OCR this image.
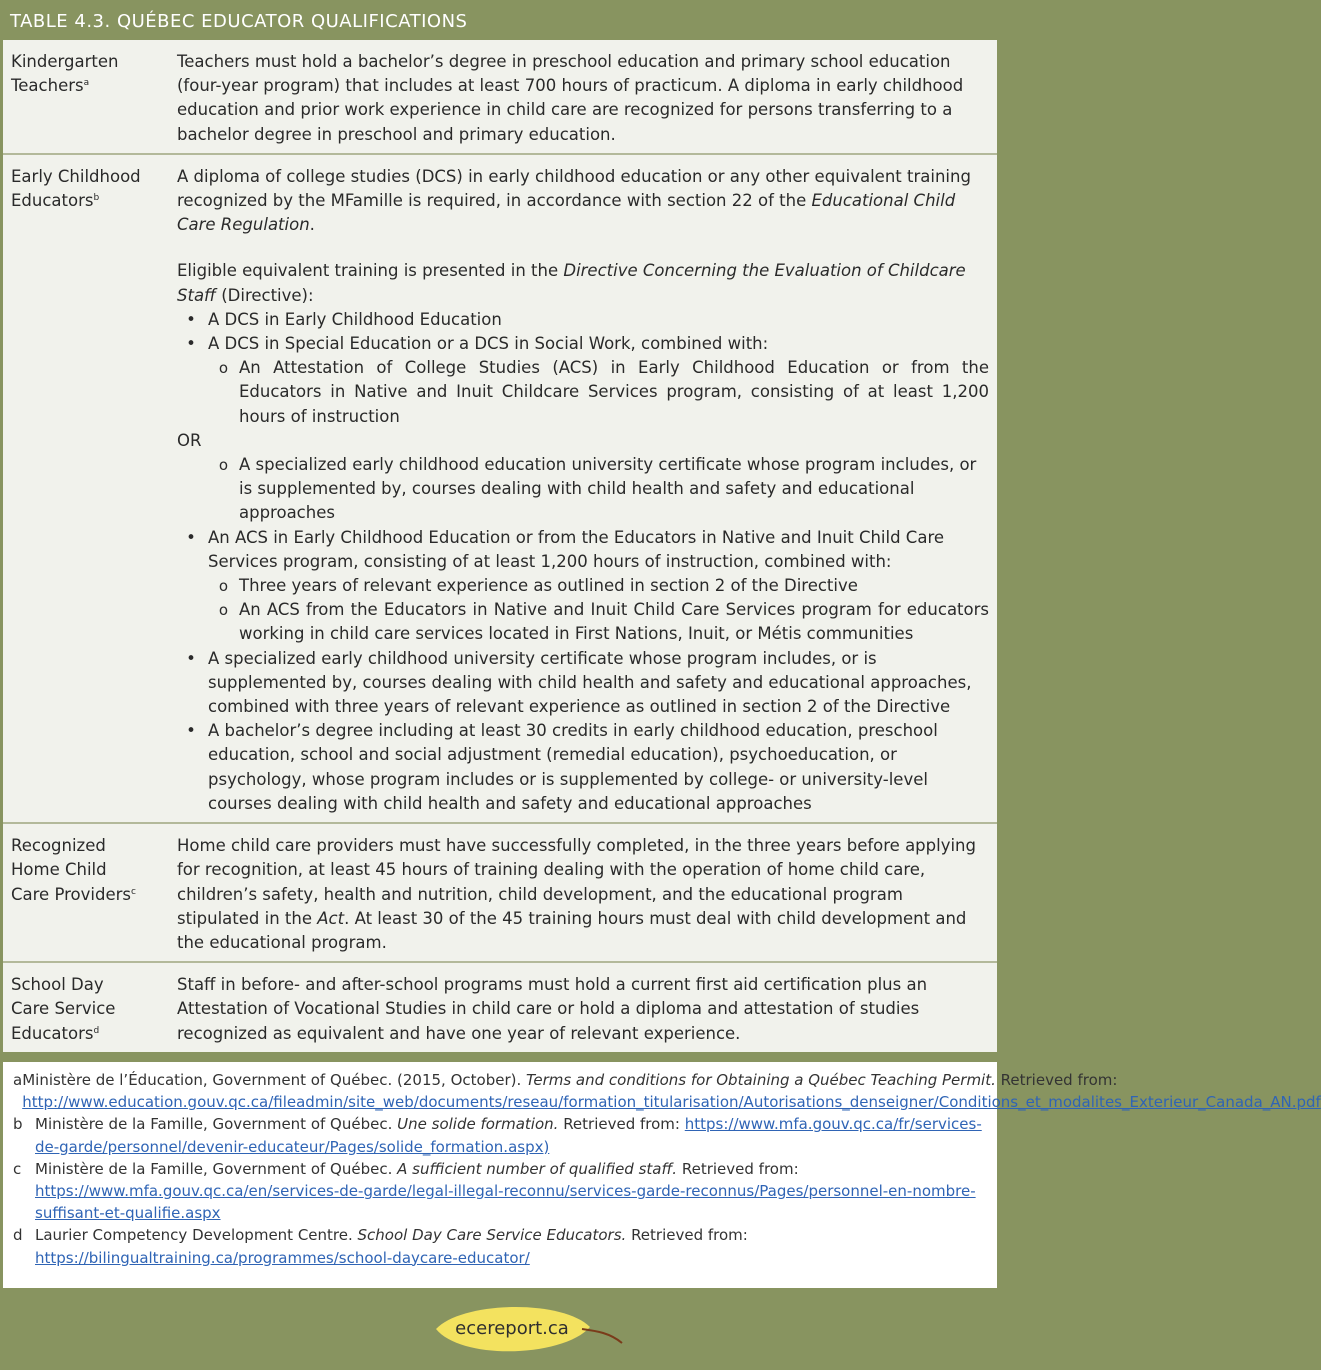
TABLE 4.3. QUÉBEC EDUCATOR QUALIFICATIONS
Kindergarten
Teachers$^a$
Teachers must hold a bachelor’s degree in preschool education and primary school education (four-year program) that includes at least 700 hours of practicum. A diploma in early childhood education and prior work experience in child care are recognized for persons transferring to a bachelor degree in preschool and primary education.
Early Childhood
Educators$^b$
A diploma of college studies (DCS) in early childhood education or any other equivalent training recognized by the MFamille is required, in accordance with section 22 of the Educational Child Care Regulation.
Eligible equivalent training is presented in the Directive Concerning the Evaluation of Childcare Staff (Directive):
• A DCS in Early Childhood Education
• A DCS in Special Education or a DCS in Social Work, combined with:
o An Attestation of College Studies (ACS) in Early Childhood Education or from the Educators in Native and Inuit Childcare Services program, consisting of at least 1,200 hours of instruction
OR
o A specialized early childhood education university certificate whose program includes, or is supplemented by, courses dealing with child health and safety and educational approaches
• An ACS in Early Childhood Education or from the Educators in Native and Inuit Child Care Services program, consisting of at least 1,200 hours of instruction, combined with:
o Three years of relevant experience as outlined in section 2 of the Directive
o An ACS from the Educators in Native and Inuit Child Care Services program for educators working in child care services located in First Nations, Inuit, or Métis communities
• A specialized early childhood university certificate whose program includes, or is supplemented by, courses dealing with child health and safety and educational approaches, combined with three years of relevant experience as outlined in section 2 of the Directive
• A bachelor’s degree including at least 30 credits in early childhood education, preschool education, school and social adjustment (remedial education), psychoeducation, or psychology, whose program includes or is supplemented by college- or university-level courses dealing with child health and safety and educational approaches
Recognized
Home Child
Care Providers$^c$
Home child care providers must have successfully completed, in the three years before applying for recognition, at least 45 hours of training dealing with the operation of home child care, children’s safety, health and nutrition, child development, and the educational program stipulated in the Act. At least 30 of the 45 training hours must deal with child development and the educational program.
School Day
Care Service
Educators$^d$
Staff in before- and after-school programs must hold a current first aid certification plus an Attestation of Vocational Studies in child care or hold a diploma and attestation of studies recognized as equivalent and have one year of relevant experience.
a Ministère de l’Éducation, Government of Québec. (2015, October). Terms and conditions for Obtaining a Québec Teaching Permit. Retrieved from: http://www.education.gouv.qc.ca/fileadmin/site_web/documents/reseau/formation_titularisation/Autorisations_denseigner/Conditions_et_modalites_Exterieur_Canada_AN.pdf
b Ministère de la Famille, Government of Québec. Une solide formation. Retrieved from: https://www.mfa.gouv.qc.ca/fr/services-de-garde/personnel/devenir-educateur/Pages/solide_formation.aspx)
c Ministère de la Famille, Government of Québec. A sufficient number of qualified staff. Retrieved from: https://www.mfa.gouv.qc.ca/en/services-de-garde/legal-illegal-reconnu/services-garde-reconnus/Pages/personnel-en-nombre-suffisant-et-qualifie.aspx
d Laurier Competency Development Centre. School Day Care Service Educators. Retrieved from: https://bilingualtraining.ca/programmes/school-daycare-educator/
ecereport.ca
